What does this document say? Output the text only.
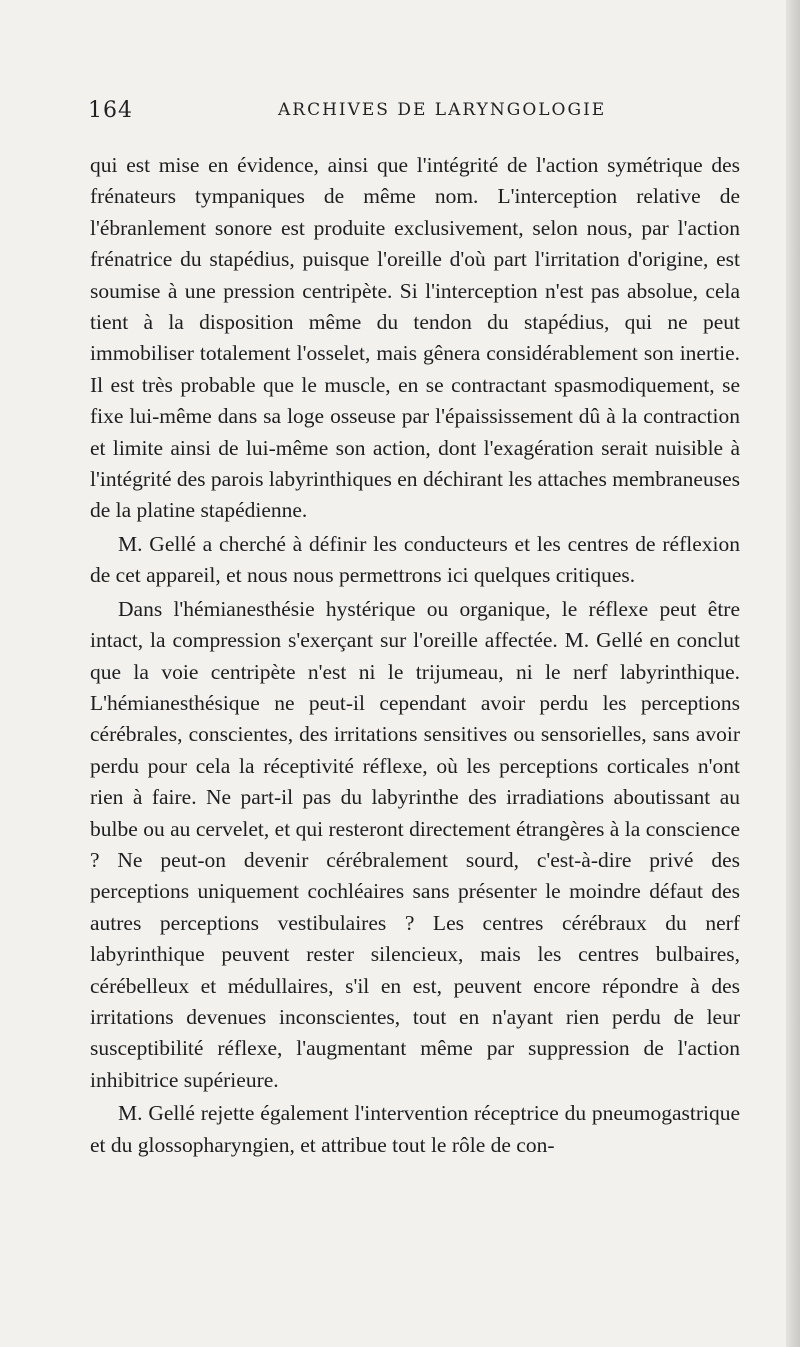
164	ARCHIVES DE LARYNGOLOGIE

qui est mise en évidence, ainsi que l'intégrité de l'action symétrique des frénateurs tympaniques de même nom. L'interception relative de l'ébranlement sonore est produite exclusivement, selon nous, par l'action frénatrice du stapédius, puisque l'oreille d'où part l'irritation d'origine, est soumise à une pression centripète. Si l'interception n'est pas absolue, cela tient à la disposition même du tendon du stapédius, qui ne peut immobiliser totalement l'osselet, mais gênera considérablement son inertie. Il est très probable que le muscle, en se contractant spasmodiquement, se fixe lui-même dans sa loge osseuse par l'épaississement dû à la contraction et limite ainsi de lui-même son action, dont l'exagération serait nuisible à l'intégrité des parois labyrinthiques en déchirant les attaches membraneuses de la platine stapédienne.

M. Gellé a cherché à définir les conducteurs et les centres de réflexion de cet appareil, et nous nous permettrons ici quelques critiques.

Dans l'hémianesthésie hystérique ou organique, le réflexe peut être intact, la compression s'exerçant sur l'oreille affectée. M. Gellé en conclut que la voie centripète n'est ni le trijumeau, ni le nerf labyrinthique. L'hémianesthésique ne peut-il cependant avoir perdu les perceptions cérébrales, conscientes, des irritations sensitives ou sensorielles, sans avoir perdu pour cela la réceptivité réflexe, où les perceptions corticales n'ont rien à faire. Ne part-il pas du labyrinthe des irradiations aboutissant au bulbe ou au cervelet, et qui resteront directement étrangères à la conscience ? Ne peut-on devenir cérébralement sourd, c'est-à-dire privé des perceptions uniquement cochléaires sans présenter le moindre défaut des autres perceptions vestibulaires ? Les centres cérébraux du nerf labyrinthique peuvent rester silencieux, mais les centres bulbaires, cérébelleux et médullaires, s'il en est, peuvent encore répondre à des irritations devenues inconscientes, tout en n'ayant rien perdu de leur susceptibilité réflexe, l'augmentant même par suppression de l'action inhibitrice supérieure.

M. Gellé rejette également l'intervention réceptrice du pneumogastrique et du glossopharyngien, et attribue tout le rôle de con-
